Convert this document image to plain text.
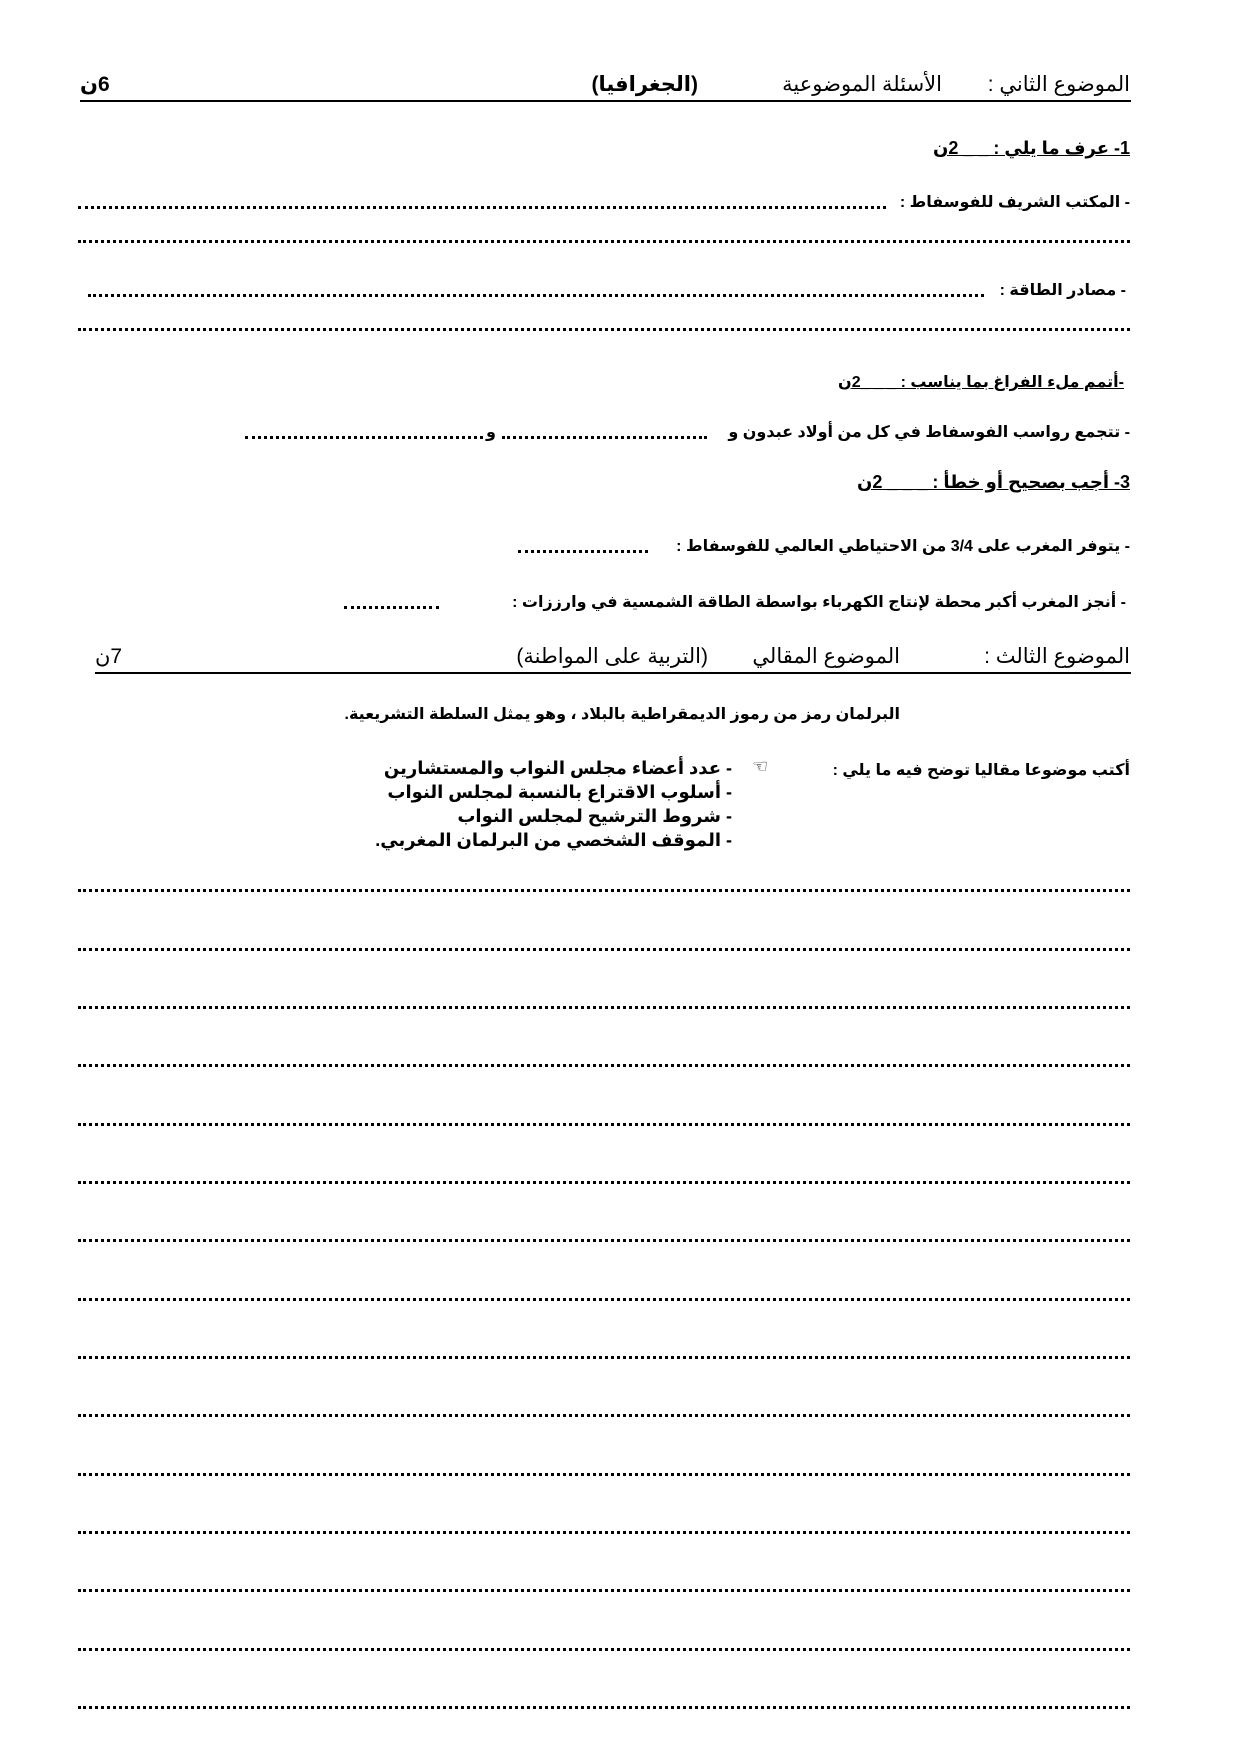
الموضوع الثاني :
الأسئلة الموضوعية
(الجغرافيا)
6ن
1- عرف ما يلي : _ _ 2ن
- المكتب الشريف للفوسفاط :
- مصادر الطاقة :
-أتمم ملء الفراغ بما يناسب : _ _ _2ن
- تتجمع رواسب الفوسفاط في كل من أولاد عبدون و
و
3- أجب بصحيح أو خطأ : _ _ _ 2ن
- يتوفر المغرب على 3/4 من الاحتياطي العالمي للفوسفاط :
- أنجز المغرب أكبر محطة لإنتاج الكهرباء بواسطة الطاقة الشمسية في وارززات :
الموضوع الثالث :
الموضوع المقالي
(التربية على المواطنة)
7ن
البرلمان رمز من رموز الديمقراطية بالبلاد ، وهو يمثل السلطة التشريعية.
أكتب موضوعا مقاليا توضح فيه ما يلي :
☜
- عدد أعضاء مجلس النواب والمستشارين
- أسلوب الاقتراع بالنسبة لمجلس النواب
- شروط الترشيح لمجلس النواب
- الموقف الشخصي من البرلمان المغربي.
